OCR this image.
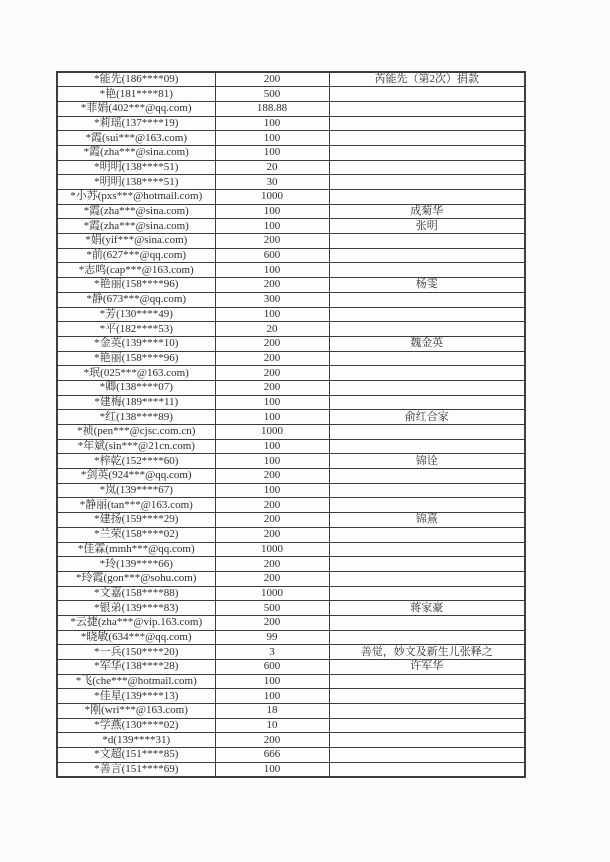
*能先(186****09)	200	芮能先（第2次）捐款
*艳(181****81)	500	
*菲娟(402***@qq.com)	188.88	
*莉瑶(137****19)	100	
*霞(sui***@163.com)	100	
*霞(zha***@sina.com)	100	
*明明(138****51)	20	
*明明(138****51)	30	
*小苏(pxs***@hotmail.com)	1000	
*霞(zha***@sina.com)	100	成菊华
*霞(zha***@sina.com)	100	张明
*娟(yif***@sina.com)	200	
*前(627***@qq.com)	600	
*志鸣(cap***@163.com)	100	
*艳丽(158****96)	200	杨雯
*静(673***@qq.com)	300	
*芳(130****49)	100	
*平(182****53)	20	
*金英(139****10)	200	魏金英
*艳丽(158****96)	200	
*珉(025***@163.com)	200	
*卿(138****07)	200	
*建梅(189****11)	100	
*红(138****89)	100	俞红合家
*祯(pen***@cjsc.com.cn)	1000	
*年斌(sin***@21cn.com)	100	
*梓乾(152****60)	100	锦诠
*剑英(924***@qq.com)	200	
*岚(139****67)	100	
*静丽(tan***@163.com)	200	
*建扬(159****29)	200	锦熹
*兰荣(158****02)	200	
*佳霖(mmh***@qq.com)	1000	
*玲(139****66)	200	
*玲霞(gon***@sohu.com)	200	
*文嘉(158****88)	1000	
*银弟(139****83)	500	蒋家豪
*云捷(zha***@vip.163.com)	200	
*晓敏(634***@qq.com)	99	
*一兵(150****20)	3	善觉，妙文及新生儿张释之
*军华(138****28)	600	许军华
*飞(che***@hotmail.com)	100	
*佳星(139****13)	100	
*刚(wri***@163.com)	18	
*学燕(130****02)	10	
*d(139****31)	200	
*文超(151****85)	666	
*善言(151****69)	100	
